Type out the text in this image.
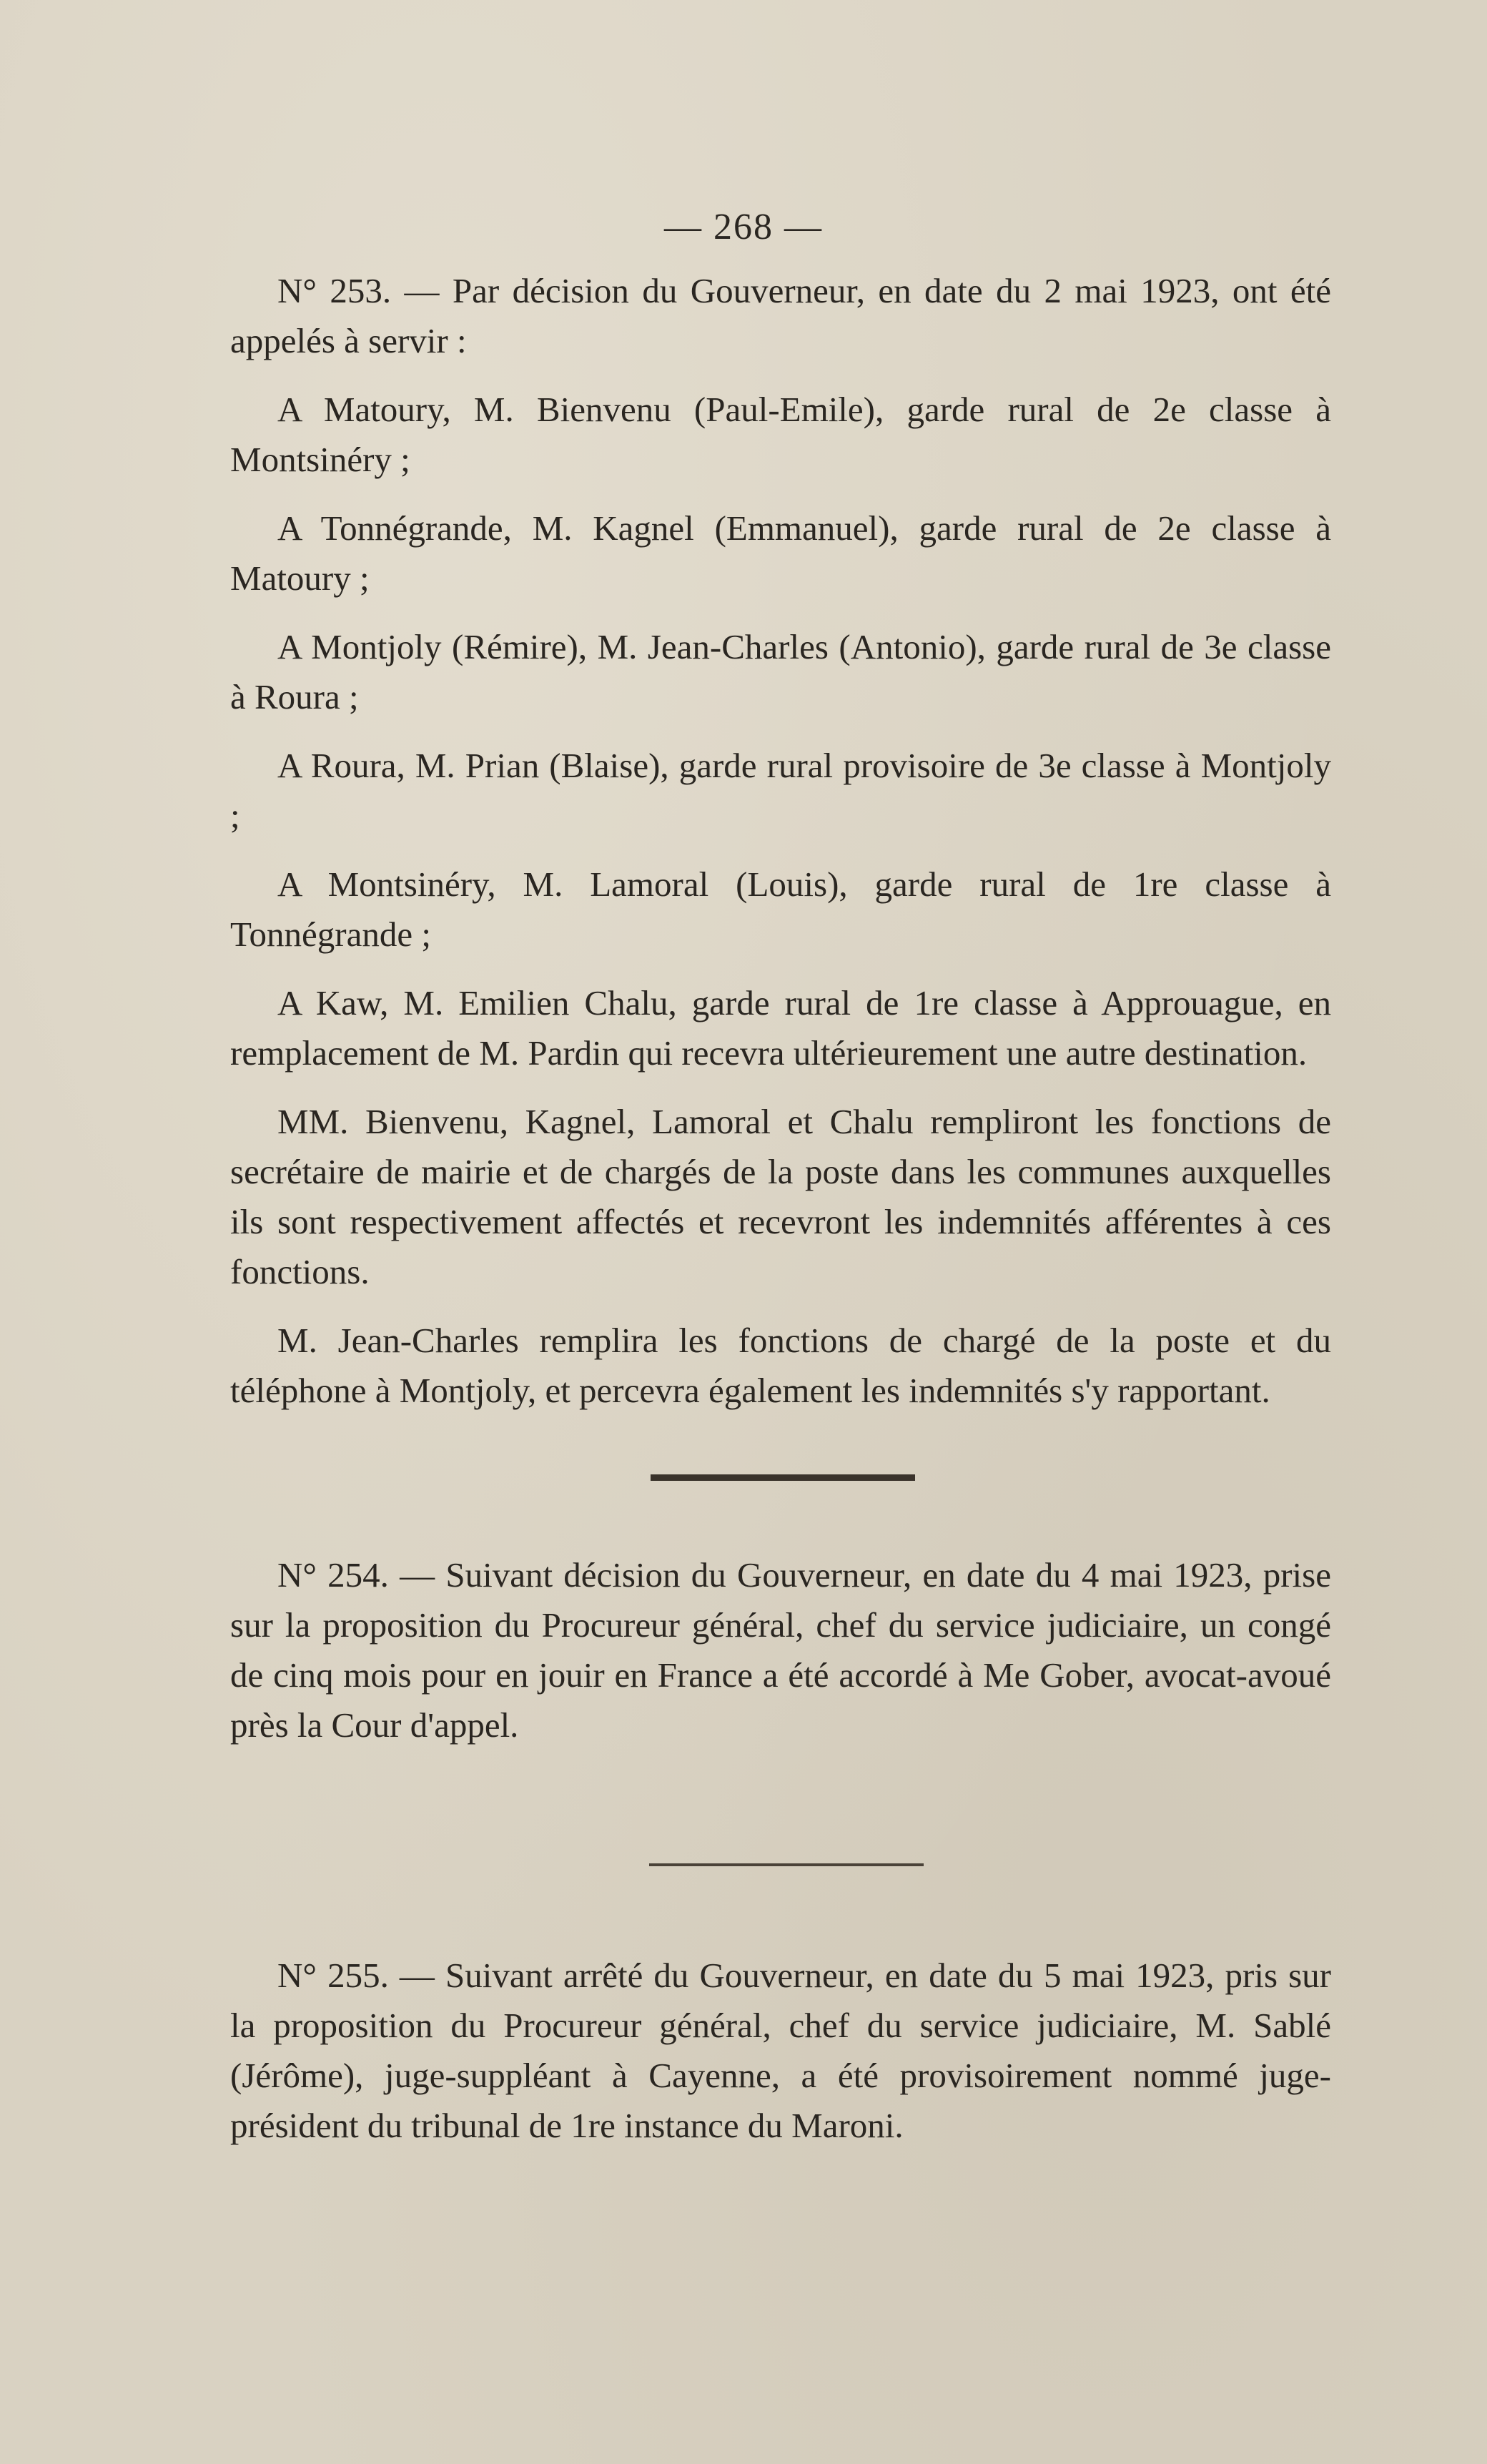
— 268 —

N° 253. — Par décision du Gouverneur, en date du 2 mai 1923, ont été appelés à servir :

A Matoury, M. Bienvenu (Paul-Emile), garde rural de 2e classe à Montsinéry ;

A Tonnégrande, M. Kagnel (Emmanuel), garde rural de 2e classe à Matoury ;

A Montjoly (Rémire), M. Jean-Charles (Antonio), garde rural de 3e classe à Roura ;

A Roura, M. Prian (Blaise), garde rural provisoire de 3e classe à Montjoly ;

A Montsinéry, M. Lamoral (Louis), garde rural de 1re classe à Tonnégrande ;

A Kaw, M. Emilien Chalu, garde rural de 1re classe à Approuague, en remplacement de M. Pardin qui recevra ultérieurement une autre destination.

MM. Bienvenu, Kagnel, Lamoral et Chalu rempliront les fonctions de secrétaire de mairie et de chargés de la poste dans les communes auxquelles ils sont respectivement affectés et recevront les indemnités afférentes à ces fonctions.

M. Jean-Charles remplira les fonctions de chargé de la poste et du téléphone à Montjoly, et percevra également les indemnités s'y rapportant.

N° 254. — Suivant décision du Gouverneur, en date du 4 mai 1923, prise sur la proposition du Procureur général, chef du service judiciaire, un congé de cinq mois pour en jouir en France a été accordé à Me Gober, avocat-avoué près la Cour d'appel.

N° 255. — Suivant arrêté du Gouverneur, en date du 5 mai 1923, pris sur la proposition du Procureur général, chef du service judiciaire, M. Sablé (Jérôme), juge-suppléant à Cayenne, a été provisoirement nommé juge-président du tribunal de 1re instance du Maroni.
